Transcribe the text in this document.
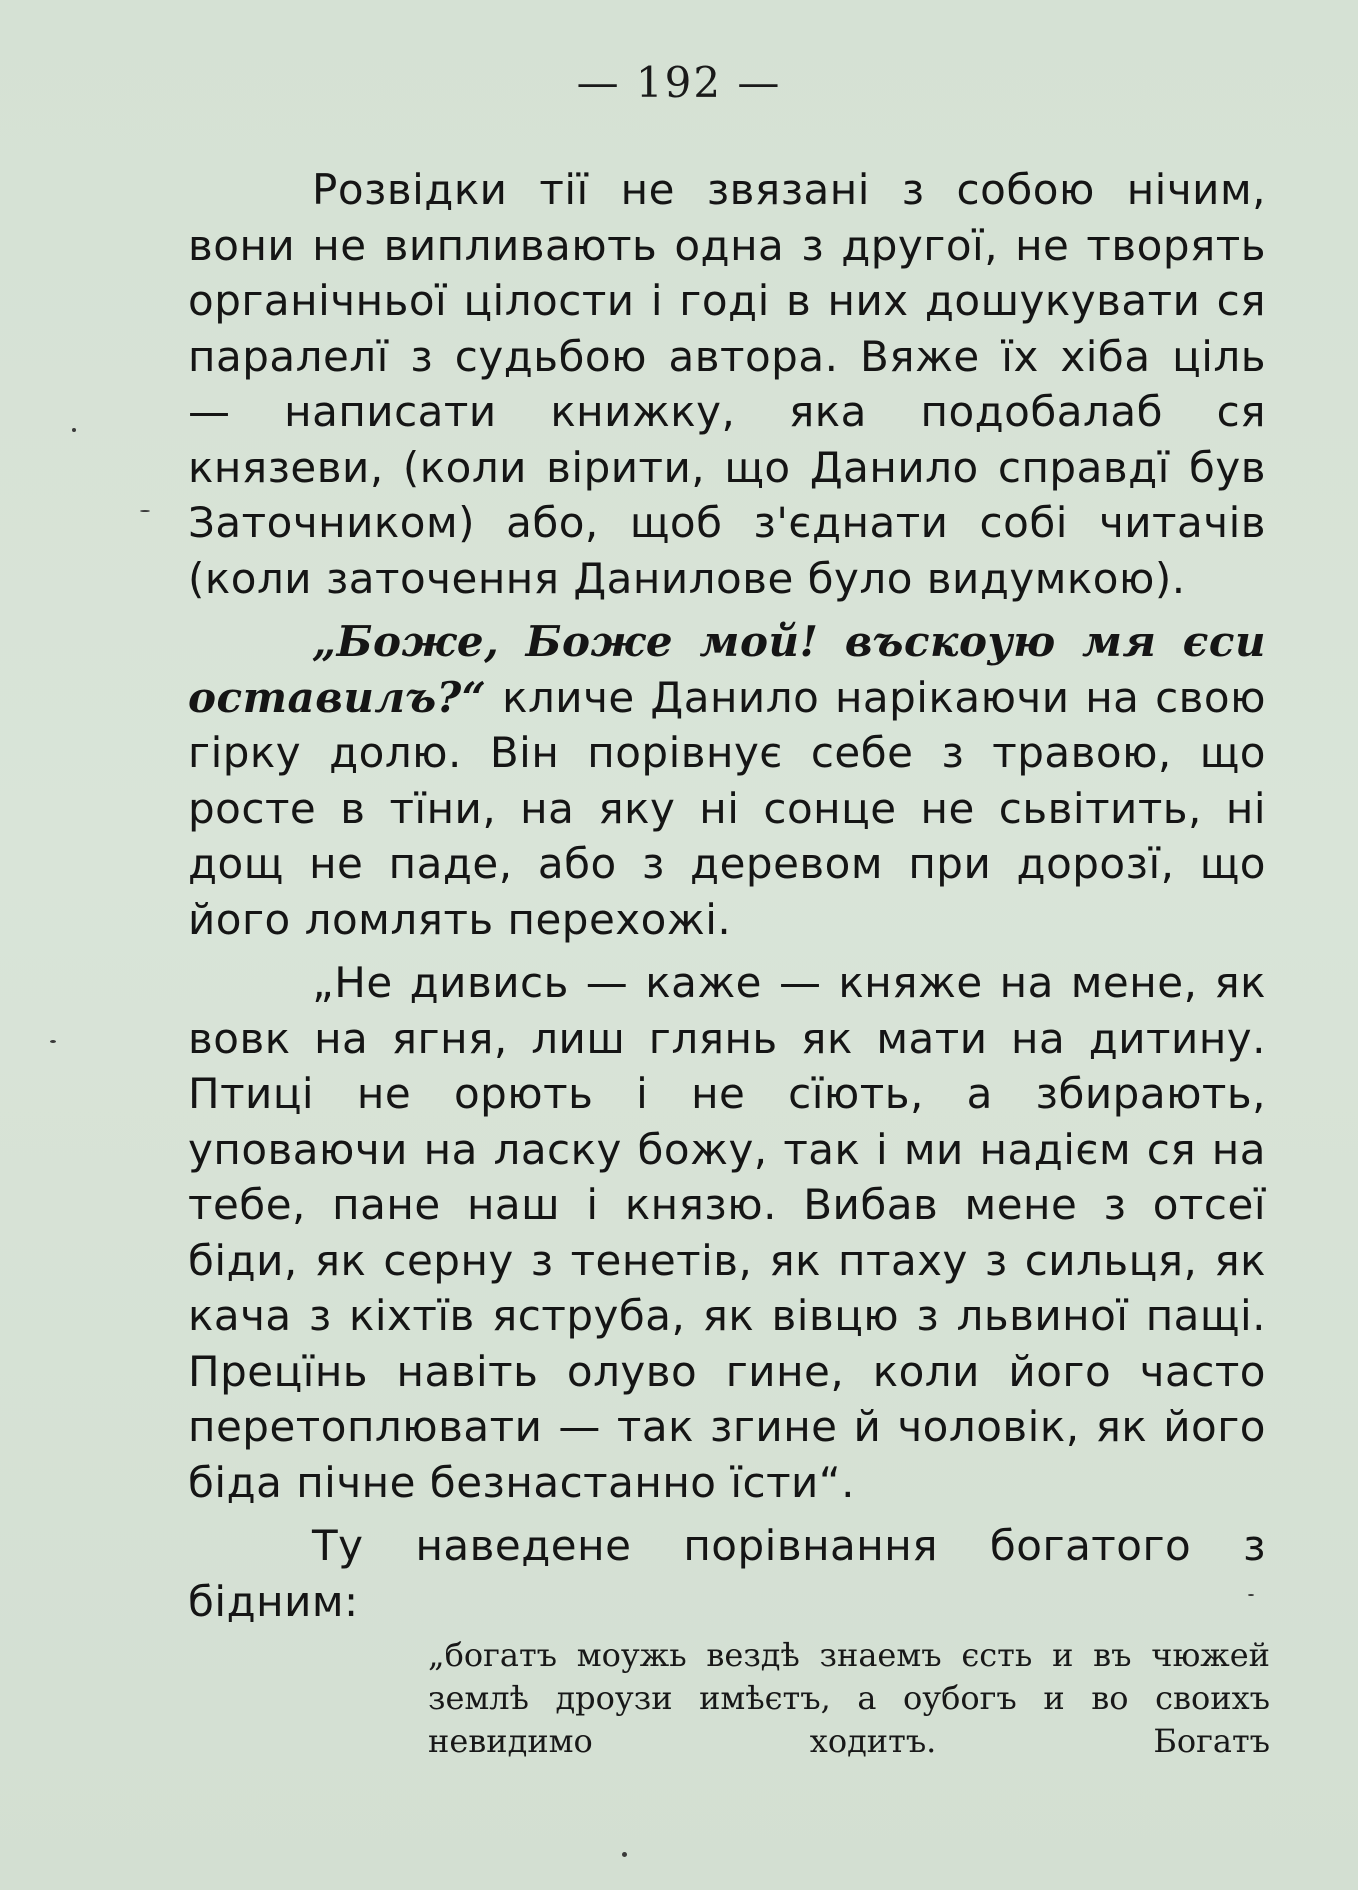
— 192 —

Розвідки тії не звязані з собою нічим, вони не випливають одна з другої, не творять органічньої цілости і годі в них дошукувати ся паралелї з судьбою автора. Вяже їх хіба ціль — написати книжку, яка подобалаб ся князеви, (коли вірити, що Данило справдї був Заточником) або, щоб з'єднати собі читачів (коли заточення Данилове було видумкою).

„Боже, Боже мой! въскоую мя єси оставилъ?“ кличе Данило нарікаючи на свою гірку долю. Він порівнує себе з травою, що росте в тїни, на яку ні сонце не сьвітить, ні дощ не паде, або з деревом при дорозї, що його ломлять перехожі.

„Не дивись — каже — княже на мене, як вовк на ягня, лиш глянь як мати на дитину. Птиці не орють і не сїють, а збирають, уповаючи на ласку божу, так і ми надієм ся на тебе, пане наш і князю. Вибав мене з отсеї біди, як серну з тенетів, як птаху з сильця, як кача з кіхтїв яструба, як вівцю з львиної пащі. Прецїнь навіть олуво гине, коли його часто перетоплювати — так згине й чоловік, як його біда пічне безнастанно їсти“.

Ту наведене порівнання богатого з бідним:

„богатъ моужь вездѣ знаемъ єсть и въ чюжей землѣ дроузи имѣєтъ, а оубогъ и во своихъ невидимо ходитъ. Богатъ
